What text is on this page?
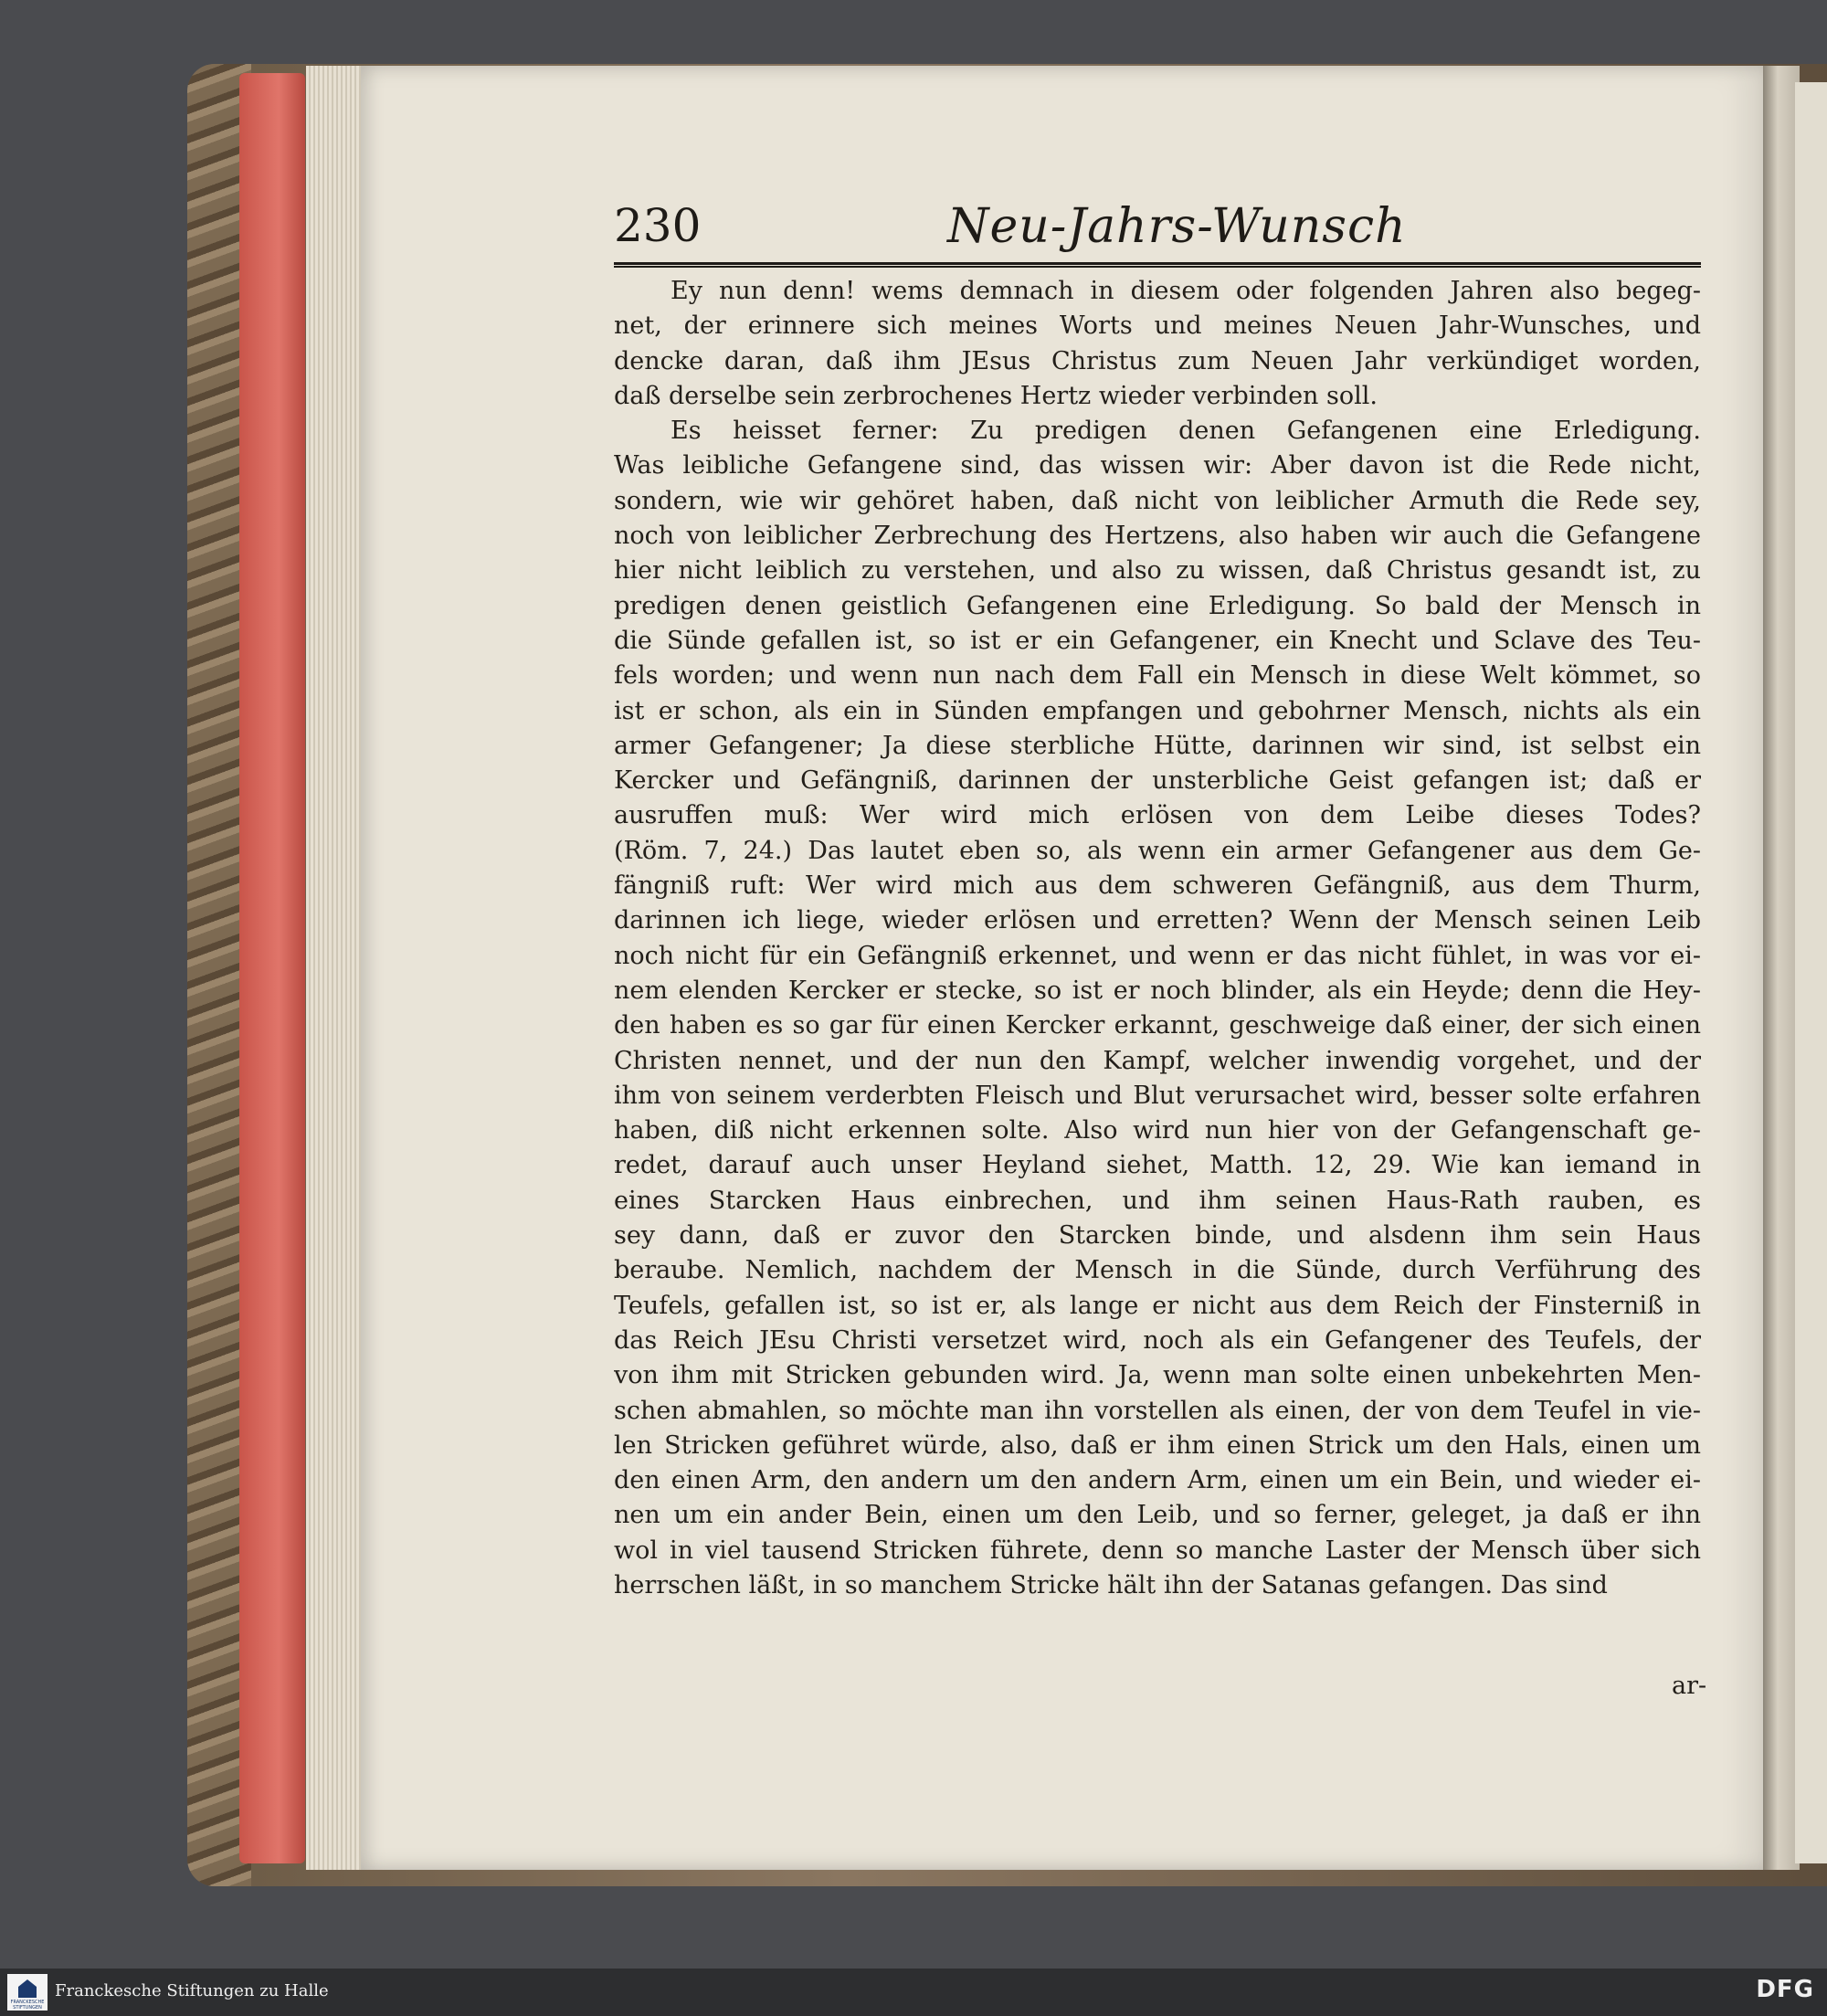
230	Neu-Jahrs-Wunsch
Ey nun denn! wems demnach in diesem oder folgenden Jahren also begeg-
net, der erinnere sich meines Worts und meines Neuen Jahr-Wunsches, und
dencke daran, daß ihm JEsus Christus zum Neuen Jahr verkündiget worden,
daß derselbe sein zerbrochenes Hertz wieder verbinden soll.
Es heisset ferner: Zu predigen denen Gefangenen eine Erledigung.
Was leibliche Gefangene sind, das wissen wir: Aber davon ist die Rede nicht,
sondern, wie wir gehöret haben, daß nicht von leiblicher Armuth die Rede sey,
noch von leiblicher Zerbrechung des Hertzens, also haben wir auch die Gefangene
hier nicht leiblich zu verstehen, und also zu wissen, daß Christus gesandt ist, zu
predigen denen geistlich Gefangenen eine Erledigung. So bald der Mensch in
die Sünde gefallen ist, so ist er ein Gefangener, ein Knecht und Sclave des Teu-
fels worden; und wenn nun nach dem Fall ein Mensch in diese Welt kömmet, so
ist er schon, als ein in Sünden empfangen und gebohrner Mensch, nichts als ein
armer Gefangener; Ja diese sterbliche Hütte, darinnen wir sind, ist selbst ein
Kercker und Gefängniß, darinnen der unsterbliche Geist gefangen ist; daß er
ausruffen muß: Wer wird mich erlösen von dem Leibe dieses Todes?
(Röm. 7, 24.) Das lautet eben so, als wenn ein armer Gefangener aus dem Ge-
fängniß ruft: Wer wird mich aus dem schweren Gefängniß, aus dem Thurm,
darinnen ich liege, wieder erlösen und erretten? Wenn der Mensch seinen Leib
noch nicht für ein Gefängniß erkennet, und wenn er das nicht fühlet, in was vor ei-
nem elenden Kercker er stecke, so ist er noch blinder, als ein Heyde; denn die Hey-
den haben es so gar für einen Kercker erkannt, geschweige daß einer, der sich einen
Christen nennet, und der nun den Kampf, welcher inwendig vorgehet, und der
ihm von seinem verderbten Fleisch und Blut verursachet wird, besser solte erfahren
haben, diß nicht erkennen solte. Also wird nun hier von der Gefangenschaft ge-
redet, darauf auch unser Heyland siehet, Matth. 12, 29. Wie kan iemand in
eines Starcken Haus einbrechen, und ihm seinen Haus-Rath rauben, es
sey dann, daß er zuvor den Starcken binde, und alsdenn ihm sein Haus
beraube. Nemlich, nachdem der Mensch in die Sünde, durch Verführung des
Teufels, gefallen ist, so ist er, als lange er nicht aus dem Reich der Finsterniß in
das Reich JEsu Christi versetzet wird, noch als ein Gefangener des Teufels, der
von ihm mit Stricken gebunden wird. Ja, wenn man solte einen unbekehrten Men-
schen abmahlen, so möchte man ihn vorstellen als einen, der von dem Teufel in vie-
len Stricken geführet würde, also, daß er ihm einen Strick um den Hals, einen um
den einen Arm, den andern um den andern Arm, einen um ein Bein, und wieder ei-
nen um ein ander Bein, einen um den Leib, und so ferner, geleget, ja daß er ihn
wol in viel tausend Stricken führete, denn so manche Laster der Mensch über sich
herrschen läßt, in so manchem Stricke hält ihn der Satanas gefangen. Das sind
ar-
FRANCKESCHE STIFTUNGEN
Franckesche Stiftungen zu Halle	DFG
